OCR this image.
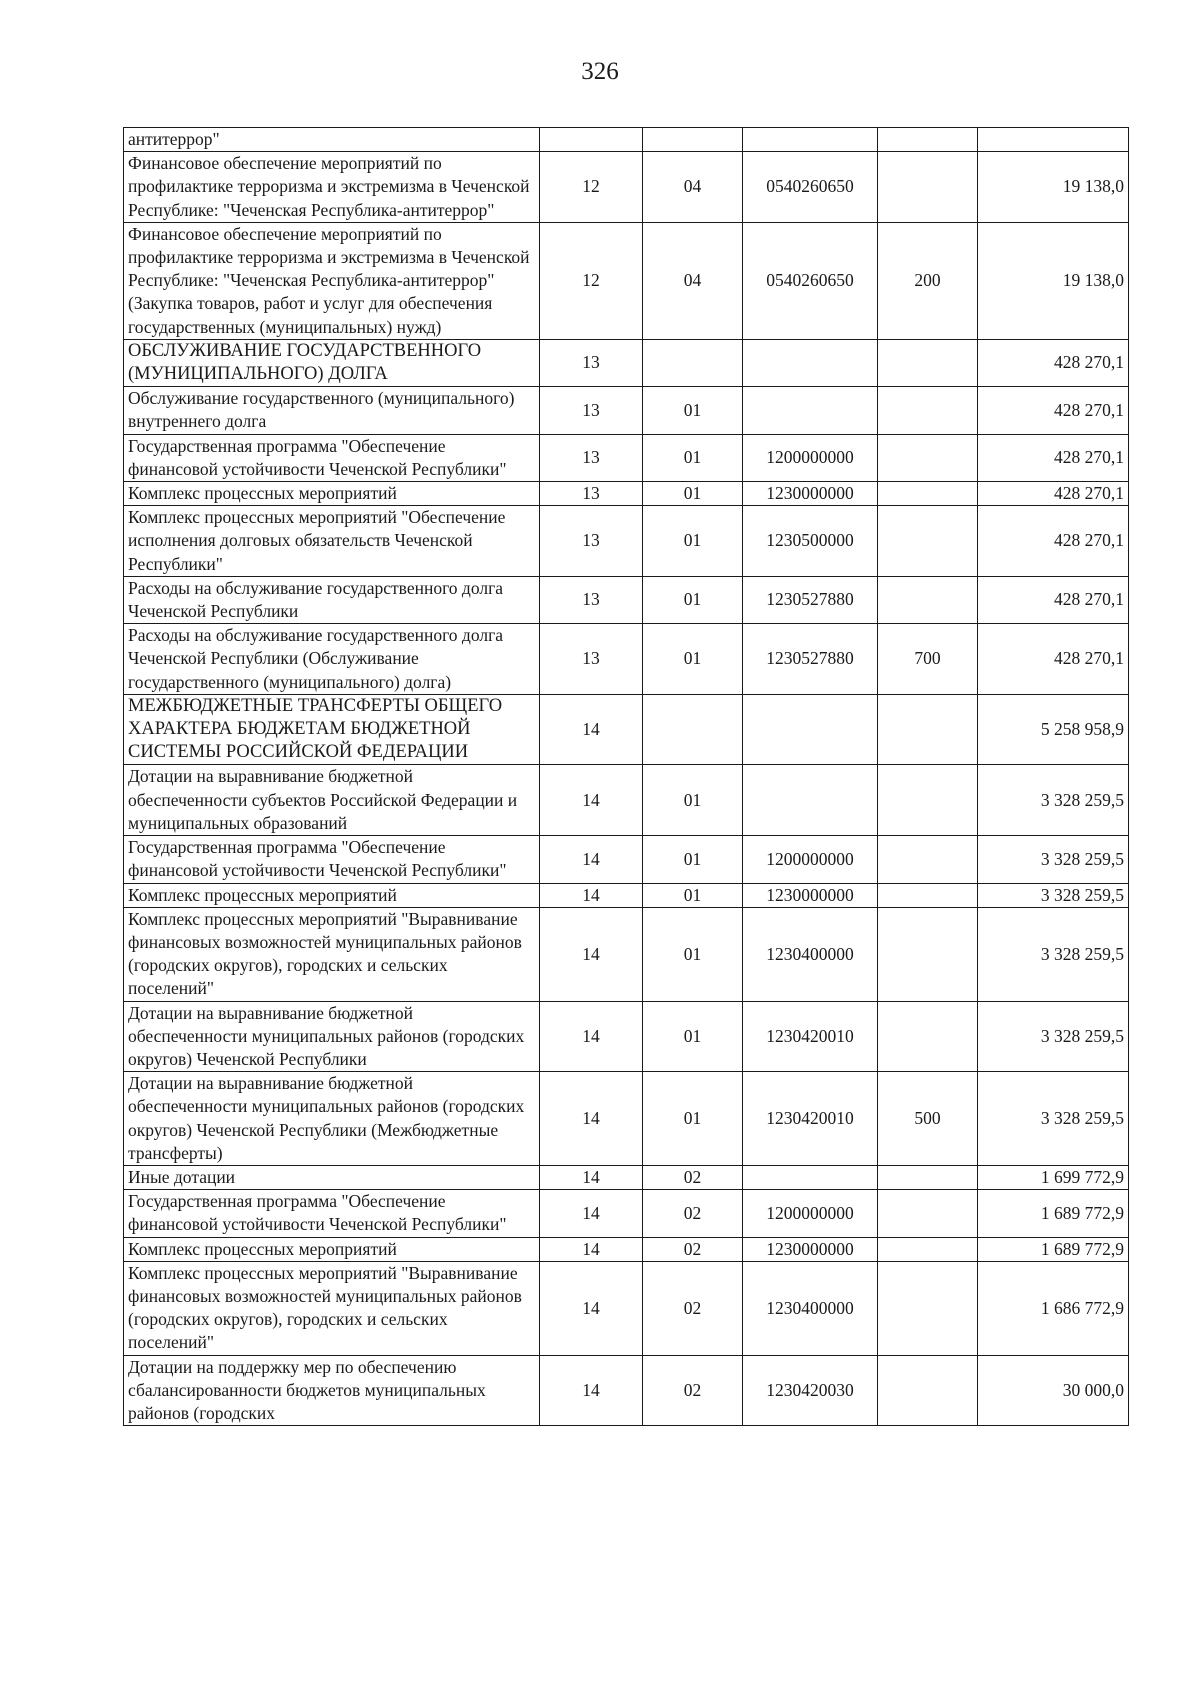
326
антитеррор"					
Финансовое обеспечение мероприятий по профилактике терроризма и экстремизма в Чеченской Республике: "Чеченская Республика-антитеррор"	12	04	0540260650		19 138,0
Финансовое обеспечение мероприятий по профилактике терроризма и экстремизма в Чеченской Республике: "Чеченская Республика-антитеррор" (Закупка товаров, работ и услуг для обеспечения государственных (муниципальных) нужд)	12	04	0540260650	200	19 138,0
ОБСЛУЖИВАНИЕ ГОСУДАРСТВЕННОГО (МУНИЦИПАЛЬНОГО) ДОЛГА	13				428 270,1
Обслуживание государственного (муниципального) внутреннего долга	13	01			428 270,1
Государственная программа "Обеспечение финансовой устойчивости Чеченской Республики"	13	01	1200000000		428 270,1
Комплекс процессных мероприятий	13	01	1230000000		428 270,1
Комплекс процессных мероприятий "Обеспечение исполнения долговых обязательств Чеченской Республики"	13	01	1230500000		428 270,1
Расходы на обслуживание государственного долга Чеченской Республики	13	01	1230527880		428 270,1
Расходы на обслуживание государственного долга Чеченской Республики (Обслуживание государственного (муниципального) долга)	13	01	1230527880	700	428 270,1
МЕЖБЮДЖЕТНЫЕ ТРАНСФЕРТЫ ОБЩЕГО ХАРАКТЕРА БЮДЖЕТАМ БЮДЖЕТНОЙ СИСТЕМЫ РОССИЙСКОЙ ФЕДЕРАЦИИ	14				5 258 958,9
Дотации на выравнивание бюджетной обеспеченности субъектов Российской Федерации и муниципальных образований	14	01			3 328 259,5
Государственная программа "Обеспечение финансовой устойчивости Чеченской Республики"	14	01	1200000000		3 328 259,5
Комплекс процессных мероприятий	14	01	1230000000		3 328 259,5
Комплекс процессных мероприятий "Выравнивание финансовых возможностей муниципальных районов (городских округов), городских и сельских поселений"	14	01	1230400000		3 328 259,5
Дотации на выравнивание бюджетной обеспеченности муниципальных районов (городских округов) Чеченской Республики	14	01	1230420010		3 328 259,5
Дотации на выравнивание бюджетной обеспеченности муниципальных районов (городских округов) Чеченской Республики (Межбюджетные трансферты)	14	01	1230420010	500	3 328 259,5
Иные дотации	14	02			1 699 772,9
Государственная программа "Обеспечение финансовой устойчивости Чеченской Республики"	14	02	1200000000		1 689 772,9
Комплекс процессных мероприятий	14	02	1230000000		1 689 772,9
Комплекс процессных мероприятий "Выравнивание финансовых возможностей муниципальных районов (городских округов), городских и сельских поселений"	14	02	1230400000		1 686 772,9
Дотации на поддержку мер по обеспечению сбалансированности бюджетов муниципальных районов (городских	14	02	1230420030		30 000,0
